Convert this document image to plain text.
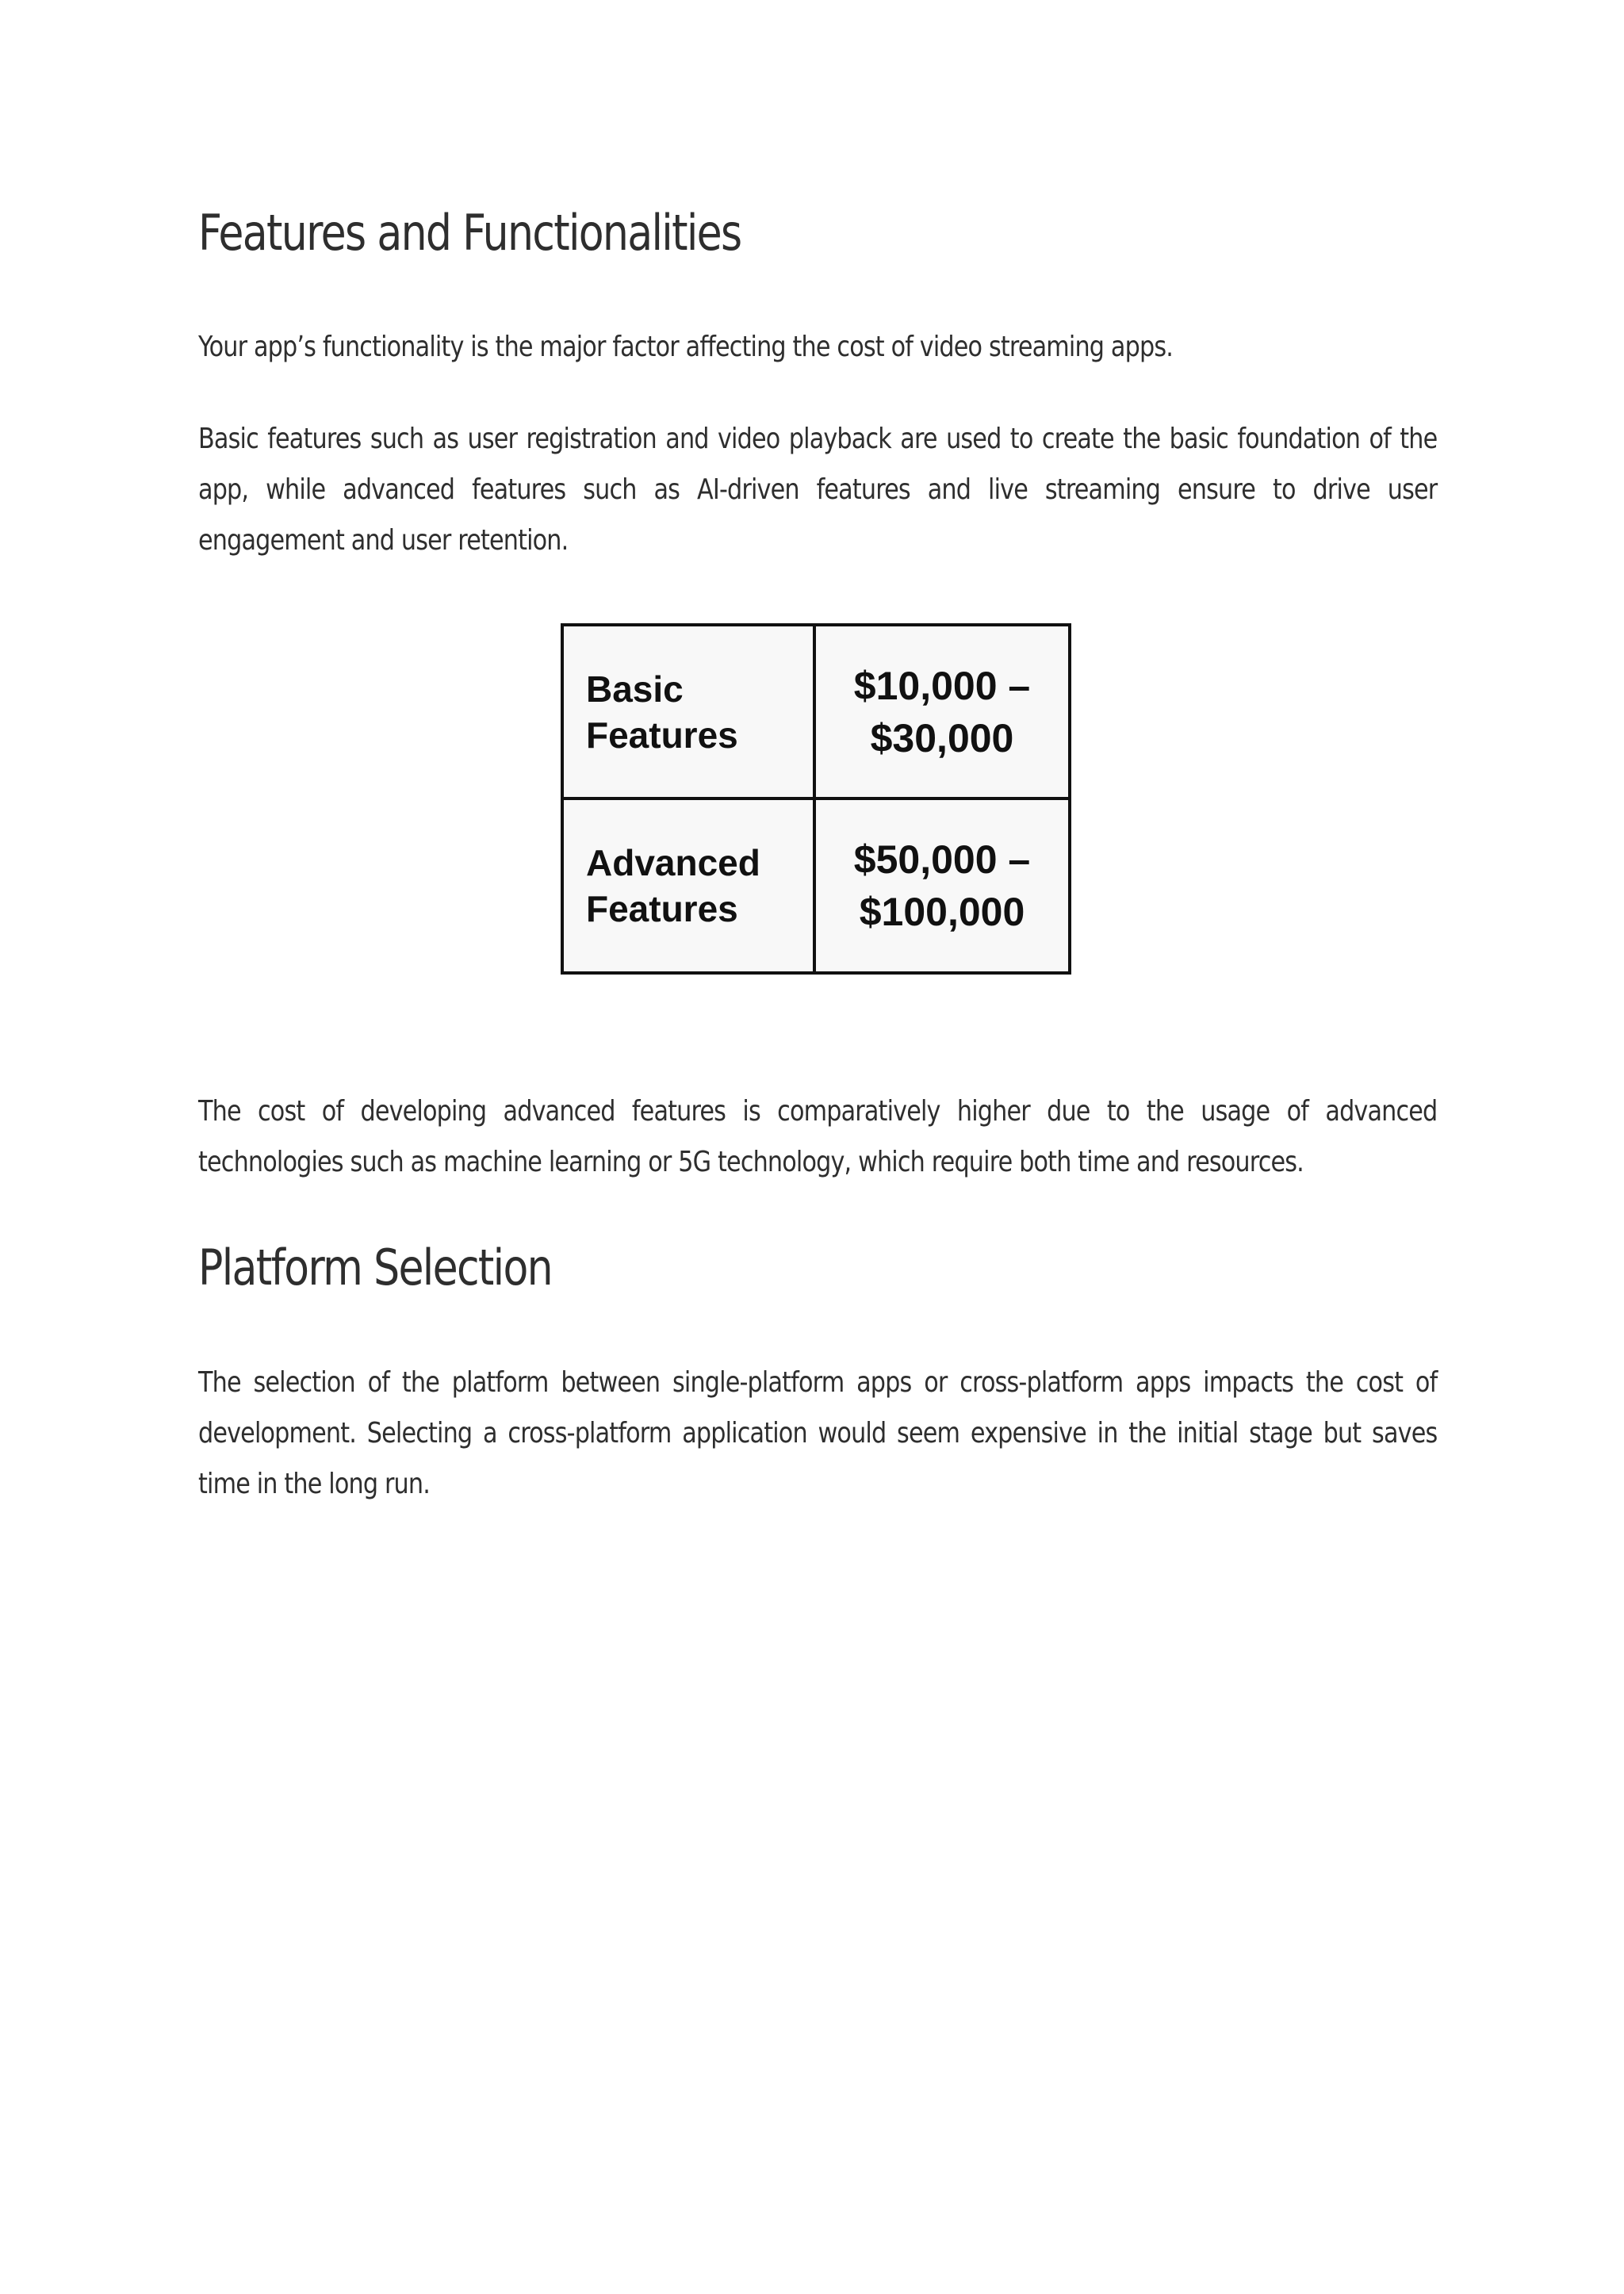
Features and Functionalities

Your app’s functionality is the major factor affecting the cost of video streaming apps.

Basic features such as user registration and video playback are used to create the basic foundation of the app, while advanced features such as AI-driven features and live streaming ensure to drive user engagement and user retention.

Basic
Features
$10,000 –
$30,000
Advanced
Features
$50,000 –
$100,000

The cost of developing advanced features is comparatively higher due to the usage of advanced technologies such as machine learning or 5G technology, which require both time and resources.

Platform Selection

The selection of the platform between single-platform apps or cross-platform apps impacts the cost of development. Selecting a cross-platform application would seem expensive in the initial stage but saves time in the long run.
